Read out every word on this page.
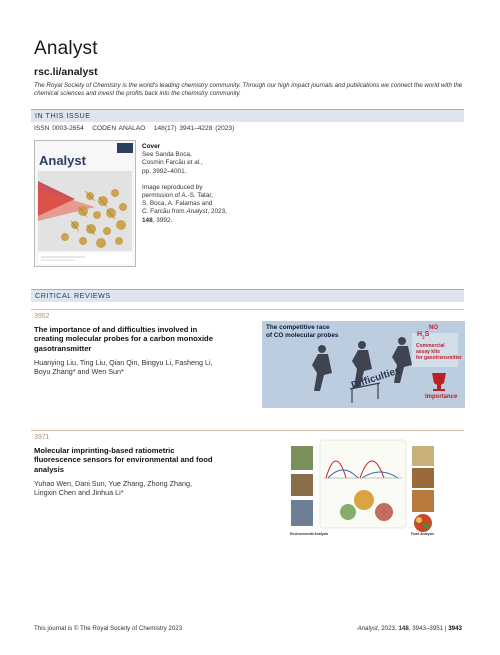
Analyst
rsc.li/analyst
The Royal Society of Chemistry is the world's leading chemistry community. Through our high impact journals and publications we connect the world with the chemical sciences and invest the profits back into the chemistry community.
IN THIS ISSUE
ISSN 0003-2654 CODEN ANALAO 148(17) 3941–4228 (2023)
Analyst
Cover
See Sanda Boca,
Cosmin Farcău et al.,
pp. 3992–4001.
Image reproduced by
permission of A.-S. Tatar,
S. Boca, A. Falamas and
C. Farcău from Analyst, 2023,
148, 3992.
CRITICAL REVIEWS
3952
The importance of and difficulties involved in
creating molecular probes for a carbon monoxide
gasotransmitter
Huanying Liu, Ting Liu, Qian Qin, Bingyu Li, Fasheng Li,
Boyu Zhang* and Wen Sun*
The competitive race
of CO molecular probes
NO
$H_2S$
Commercial
assay kits
for gasotransmitter
Difficulties
Importance
3971
Molecular imprinting-based ratiometric
fluorescence sensors for environmental and food
analysis
Yuhao Wen, Dani Sun, Yue Zhang, Zhong Zhang,
Lingxin Chen and Jinhua Li*
Environmental Analysis	Food Analysis
This journal is © The Royal Society of Chemistry 2023	Analyst, 2023, 148, 3943–3951 | 3943
